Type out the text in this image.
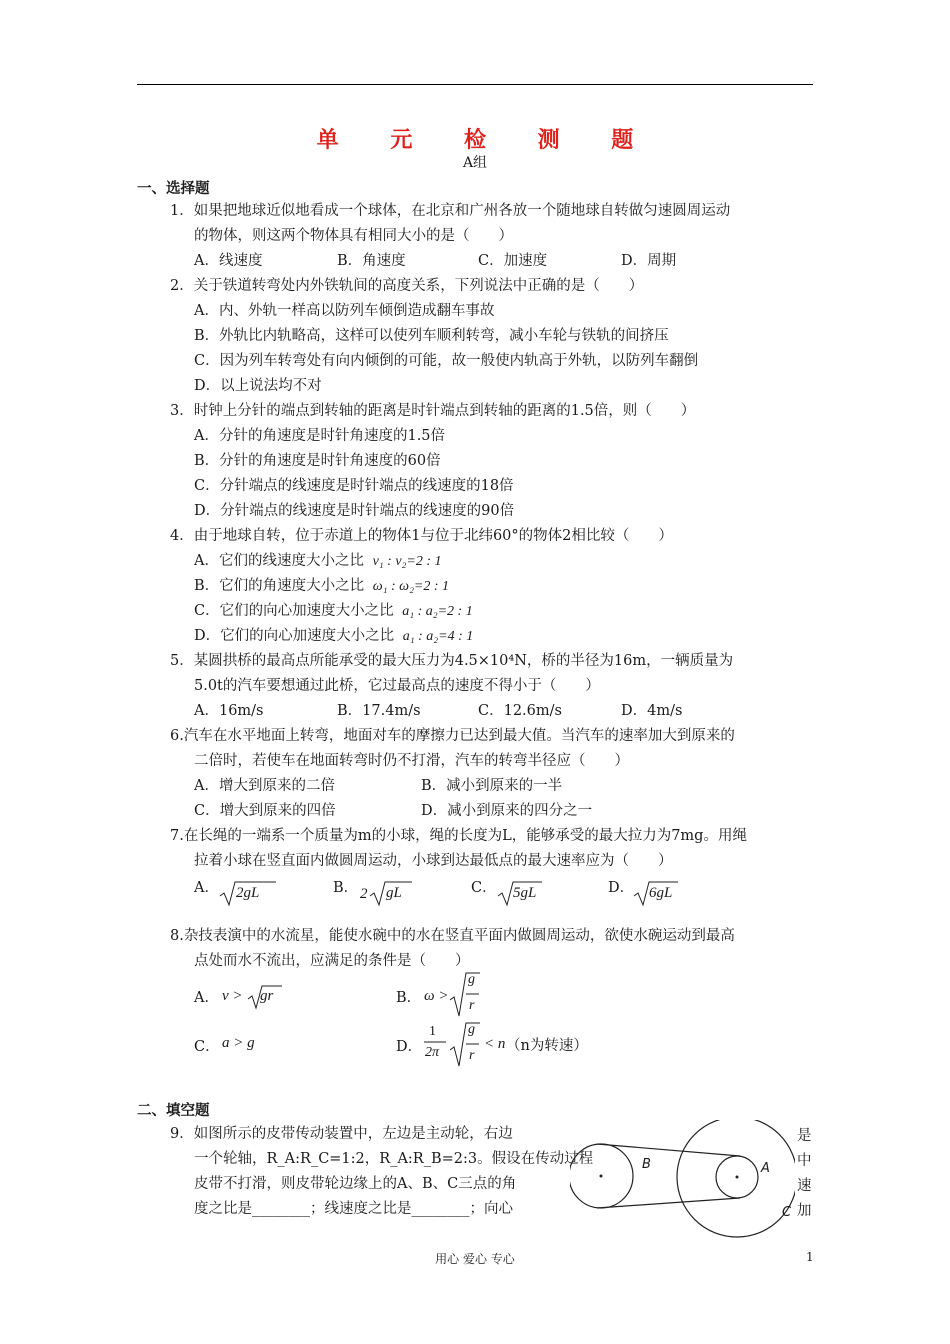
单 元 检 测 题
A组
一、选择题
1．如果把地球近似地看成一个球体，在北京和广州各放一个随地球自转做匀速圆周运动
的物体，则这两个物体具有相同大小的是（　　）
A．线速度	B．角速度	C．加速度	D．周期
2．关于铁道转弯处内外铁轨间的高度关系，下列说法中正确的是（　　）
A．内、外轨一样高以防列车倾倒造成翻车事故
B．外轨比内轨略高，这样可以使列车顺利转弯，减小车轮与铁轨的间挤压
C．因为列车转弯处有向内倾倒的可能，故一般使内轨高于外轨，以防列车翻倒
D．以上说法均不对
3．时钟上分针的端点到转轴的距离是时针端点到转轴的距离的1.5倍，则（　　）
A．分针的角速度是时针角速度的1.5倍
B．分针的角速度是时针角速度的60倍
C．分针端点的线速度是时针端点的线速度的18倍
D．分针端点的线速度是时针端点的线速度的90倍
4．由于地球自转，位于赤道上的物体1与位于北纬60°的物体2相比较（　　）
A．它们的线速度大小之比 v₁ : v₂=2 : 1
B．它们的角速度大小之比 ω₁ : ω₂=2 : 1
C．它们的向心加速度大小之比 a₁ : a₂=2 : 1
D．它们的向心加速度大小之比 a₁ : a₂=4 : 1
5．某圆拱桥的最高点所能承受的最大压力为4.5×10⁴N，桥的半径为16m，一辆质量为
5.0t的汽车要想通过此桥，它过最高点的速度不得小于（　　）
A．16m/s	B．17.4m/s	C．12.6m/s	D．4m/s
6.汽车在水平地面上转弯，地面对车的摩擦力已达到最大值。当汽车的速率加大到原来的
二倍时，若使车在地面转弯时仍不打滑，汽车的转弯半径应（　　）
A．增大到原来的二倍	B．减小到原来的一半
C．增大到原来的四倍	D．减小到原来的四分之一
7.在长绳的一端系一个质量为m的小球，绳的长度为L，能够承受的最大拉力为7mg。用绳
拉着小球在竖直面内做圆周运动，小球到达最低点的最大速率应为（　　）
A． 2gL	B． 2 gL	C． 5gL	D． 6gL
8.杂技表演中的水流星，能使水碗中的水在竖直平面内做圆周运动，欲使水碗运动到最高
点处而水不流出，应满足的条件是（　　）
A． v > gr	B． ω >
g
r
C． a > g	D．
1
2π
g
r
< n （n为转速）
二、填空题
9．如图所示的皮带传动装置中，左边是主动轮，右边
一个轮轴，R_A:R_C=1:2，R_A:R_B=2:3。假设在传动过程
皮带不打滑，则皮带轮边缘上的A、B、C三点的角
度之比是________；线速度之比是________；向心
是
中
速
加
B	A
C
用心 爱心 专心	1
